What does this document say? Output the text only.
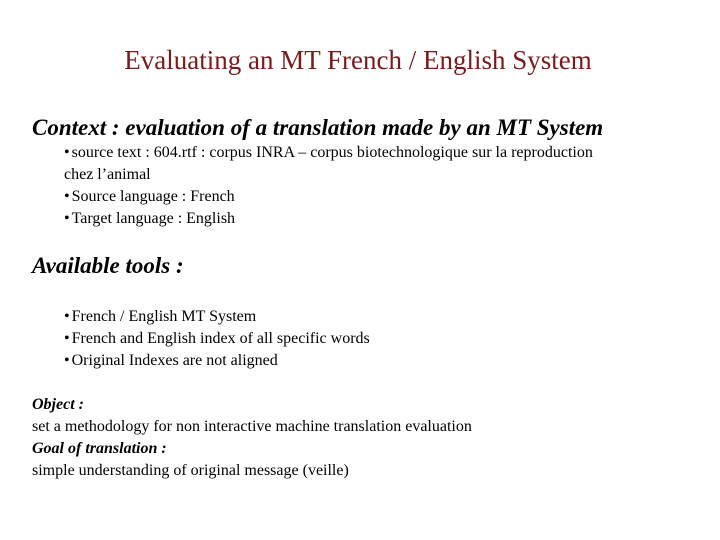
Evaluating an MT French / English System
Context : evaluation of a translation made by an MT System
• source text : 604.rtf : corpus INRA – corpus biotechnologique sur la reproduction
chez l’animal
• Source language : French
• Target language : English
Available tools :
• French / English MT System
• French and English index of all specific words
• Original Indexes are not aligned
Object :
set a methodology for non interactive machine translation evaluation
Goal of translation :
simple understanding of original message (veille)
